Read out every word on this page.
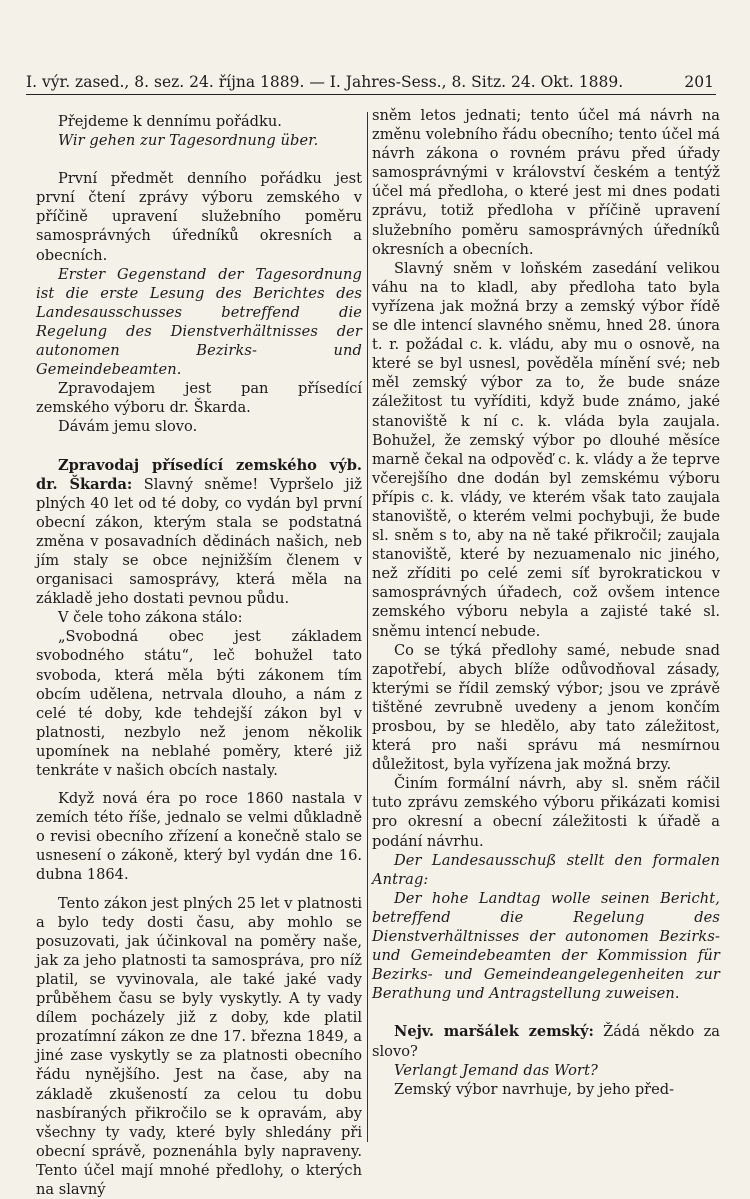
I. výr. zased., 8. sez. 24. října 1889. — I. Jahres-Sess., 8. Sitz. 24. Okt. 1889.	201

Přejdeme k dennímu pořádku.

Wir gehen zur Tagesordnung über.

První předmět denního pořádku jest první čtení zprávy výboru zemského v příčině upravení služebního poměru samosprávných úředníků okresních a obecních.

Erster Gegenstand der Tagesordnung ist die erste Lesung des Berichtes des Landesausschusses betreffend die Regelung des Dienstverhältnisses der autonomen Bezirks- und Gemeindebeamten.

Zpravodajem jest pan přísedící zemského výboru dr. Škarda.

Dávám jemu slovo.

Zpravodaj přísedící zemského výb. dr. Škarda: Slavný sněme! Vypršelo již plných 40 let od té doby, co vydán byl první obecní zákon, kterým stala se podstatná změna v posavadních dědinách našich, neb jím staly se obce nejnižším členem v organisaci samosprávy, která měla na základě jeho dostati pevnou půdu.

V čele toho zákona stálo:

„Svobodná obec jest základem svobodného státu“, leč bohužel tato svoboda, která měla býti zákonem tím obcím udělena, netrvala dlouho, a nám z celé té doby, kde tehdejší zákon byl v platnosti, nezbylo než jenom několik upomínek na neblahé poměry, které již tenkráte v našich obcích nastaly.

Když nová éra po roce 1860 nastala v zemích této říše, jednalo se velmi důkladně o revisi obecního zřízení a konečně stalo se usnesení o zákoně, který byl vydán dne 16. dubna 1864.

Tento zákon jest plných 25 let v platnosti a bylo tedy dosti času, aby mohlo se posuzovati, jak účinkoval na poměry naše, jak za jeho platnosti ta samospráva, pro níž platil, se vyvinovala, ale také jaké vady průběhem času se byly vyskytly. A ty vady dílem pocházely již z doby, kde platil prozatímní zákon ze dne 17. března 1849, a jiné zase vyskytly se za platnosti obecního řádu nynějšího. Jest na čase, aby na základě zkušeností za celou tu dobu nasbíraných přikročilo se k opravám, aby všechny ty vady, které byly shledány při obecní správě, poznenáhla byly napraveny. Tento účel mají mnohé předlohy, o kterých na slavný

sněm letos jednati; tento účel má návrh na změnu volebního řádu obecního; tento účel má návrh zákona o rovném právu před úřady samosprávnými v království českém a tentýž účel má předloha, o které jest mi dnes podati zprávu, totiž předloha v příčině upravení služebního poměru samosprávných úředníků okresních a obecních.

Slavný sněm v loňském zasedání velikou váhu na to kladl, aby předloha tato byla vyřízena jak možná brzy a zemský výbor řídě se dle intencí slavného sněmu, hned 28. února t. r. požádal c. k. vládu, aby mu o osnově, na které se byl usnesl, pověděla mínění své; neb měl zemský výbor za to, že bude snáze záležitost tu vyříditi, když bude známo, jaké stanoviště k ní c. k. vláda byla zaujala. Bohužel, že zemský výbor po dlouhé měsíce marně čekal na odpověď c. k. vlády a že teprve včerejšího dne dodán byl zemskému výboru přípis c. k. vlády, ve kterém však tato zaujala stanoviště, o kterém velmi pochybuji, že bude sl. sněm s to, aby na ně také přikročil; zaujala stanoviště, které by nezuamenalo nic jiného, než zříditi po celé zemi síť byrokratickou v samosprávných úřadech, což ovšem intence zemského výboru nebyla a zajisté také sl. sněmu intencí nebude.

Co se týká předlohy samé, nebude snad zapotřebí, abych blíže odůvodňoval zásady, kterými se řídil zemský výbor; jsou ve zprávě tištěné zevrubně uvedeny a jenom končím prosbou, by se hledělo, aby tato záležitost, která pro naši správu má nesmírnou důležitost, byla vyřízena jak možná brzy.

Činím formální návrh, aby sl. sněm ráčil tuto zprávu zemského výboru přikázati komisi pro okresní a obecní záležitosti k úřadě a podání návrhu.

Der Landesausschuß stellt den formalen Antrag:

Der hohe Landtag wolle seinen Bericht, betreffend die Regelung des Dienstverhältnisses der autonomen Bezirks- und Gemeindebeamten der Kommission für Bezirks- und Gemeindeangelegenheiten zur Berathung und Antragstellung zuweisen.

Nejv. maršálek zemský: Žádá někdo za slovo?

Verlangt Jemand das Wort?

Zemský výbor navrhuje, by jeho před-
